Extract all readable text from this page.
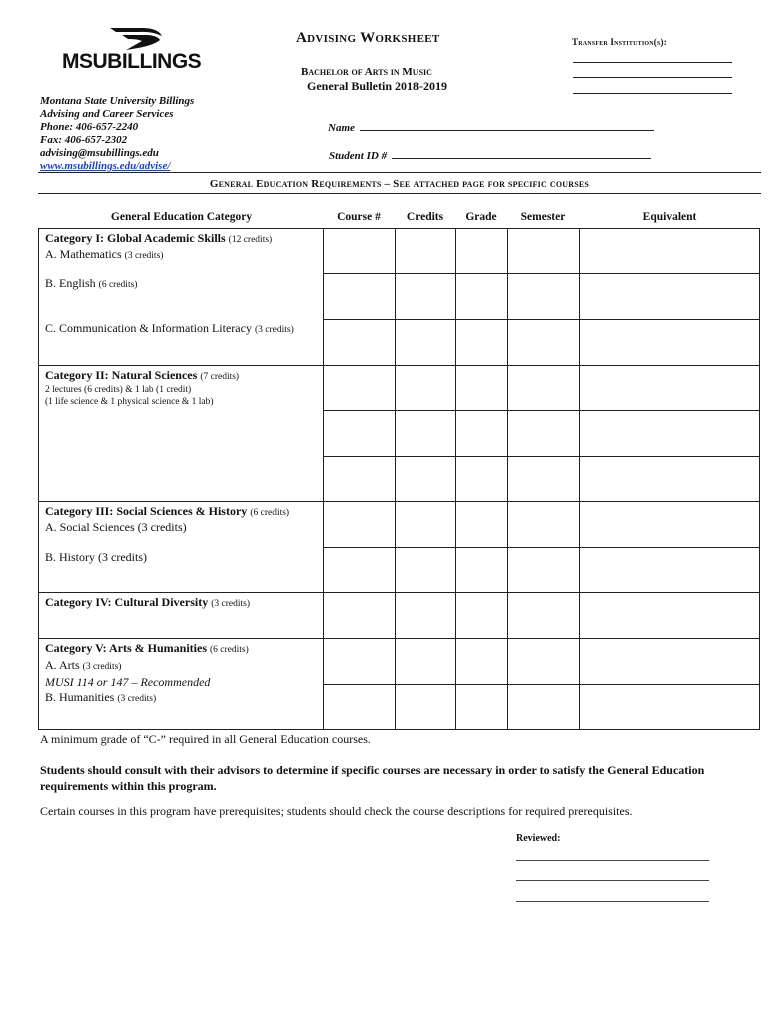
MSUBILLINGS
Montana State University Billings
Advising and Career Services
Phone: 406-657-2240
Fax: 406-657-2302
advising@msubillings.edu
www.msubillings.edu/advise/
Advising Worksheet
Bachelor of Arts in Music
General Bulletin 2018-2019
Transfer Institution(s):
Name
Student ID #
General Education Requirements – See attached page for specific courses
General Education Category	Course #	Credits	Grade	Semester	Equivalent
Category I: Global Academic Skills (12 credits)
A. Mathematics (3 credits)
B. English (6 credits)
C. Communication & Information Literacy (3 credits)
Category II: Natural Sciences (7 credits)
2 lectures (6 credits) & 1 lab (1 credit)
(1 life science & 1 physical science & 1 lab)
Category III: Social Sciences & History (6 credits)
A. Social Sciences (3 credits)
B. History (3 credits)
Category IV: Cultural Diversity (3 credits)
Category V: Arts & Humanities (6 credits)
A. Arts (3 credits)
MUSI 114 or 147 – Recommended
B. Humanities (3 credits)
A minimum grade of “C-” required in all General Education courses.
Students should consult with their advisors to determine if specific courses are necessary in order to satisfy the General Education requirements within this program.
Certain courses in this program have prerequisites; students should check the course descriptions for required prerequisites.
Reviewed:
